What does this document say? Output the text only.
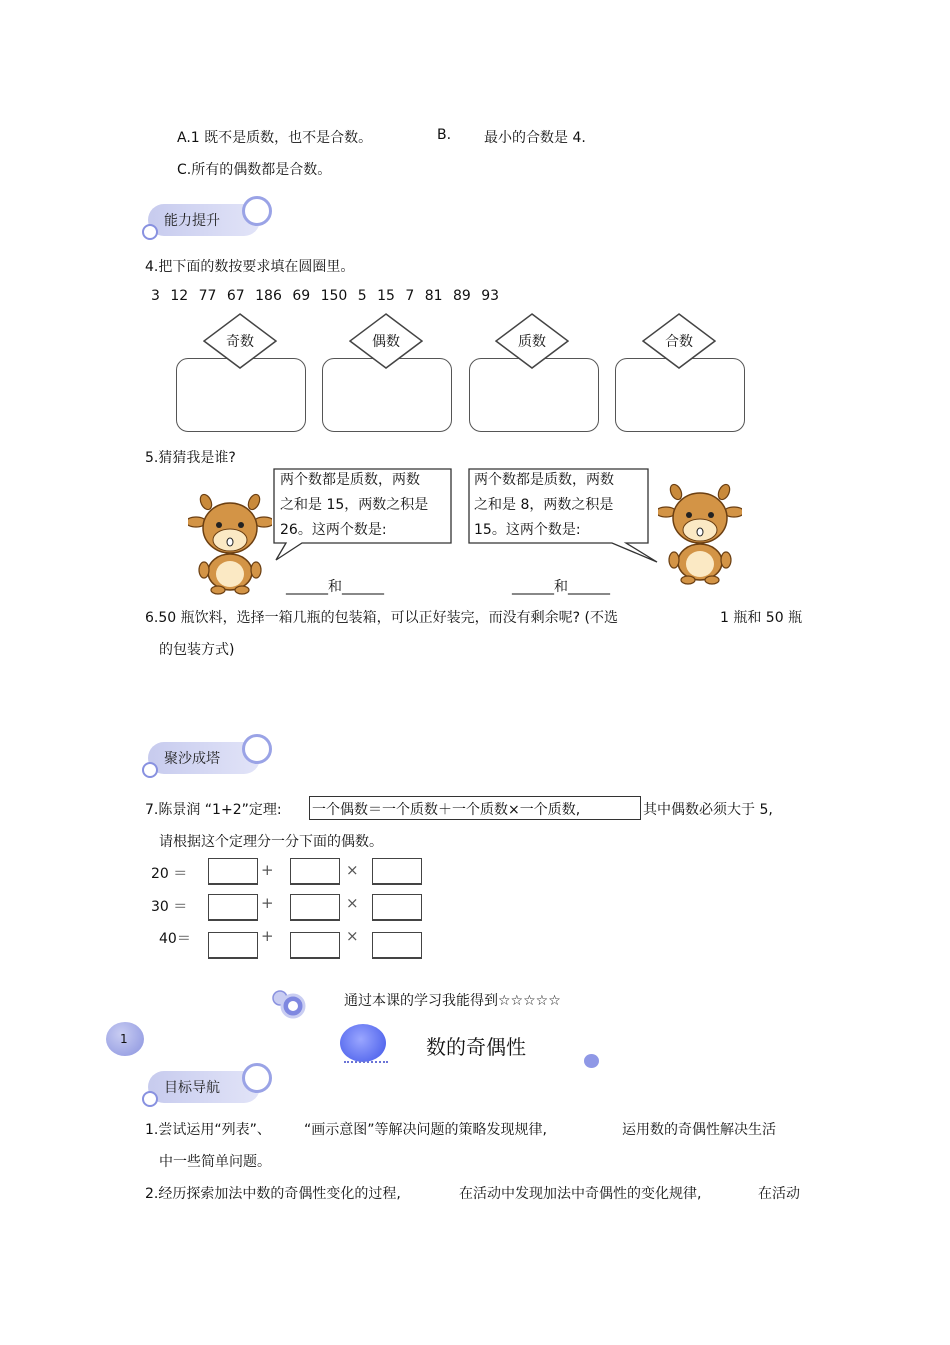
A.1 既不是质数，也不是合数。	B. 最小的合数是 4.
C.所有的偶数都是合数。
能力提升
4.把下面的数按要求填在圆圈里。
3 12 77 67 186 69 150 5 15 7 81 89 93
奇数	偶数	质数	合数
5.猜猜我是谁?
两个数都是质数，两数
之和是 15，两数之积是
26。这两个数是:
______和______
两个数都是质数，两数
之和是 8，两数之积是
15。这两个数是:
______和______
6.50 瓶饮料，选择一箱几瓶的包装箱，可以正好装完，而没有剩余呢? (不选	1 瓶和 50 瓶
的包装方式)
聚沙成塔
7.陈景润 “1+2”定理: 一个偶数＝一个质数＋一个质数×一个质数,	其中偶数必须大于 5,
请根据这个定理分一分下面的偶数。
20 ＝	+	×
30 ＝	+	×
40＝	+	×
通过本课的学习我能得到☆☆☆☆☆
1	数的奇偶性
目标导航
1.尝试运用“列表”、 “画示意图”等解决问题的策略发现规律,	运用数的奇偶性解决生活
中一些简单问题。
2.经历探索加法中数的奇偶性变化的过程,	在活动中发现加法中奇偶性的变化规律,	在活动
